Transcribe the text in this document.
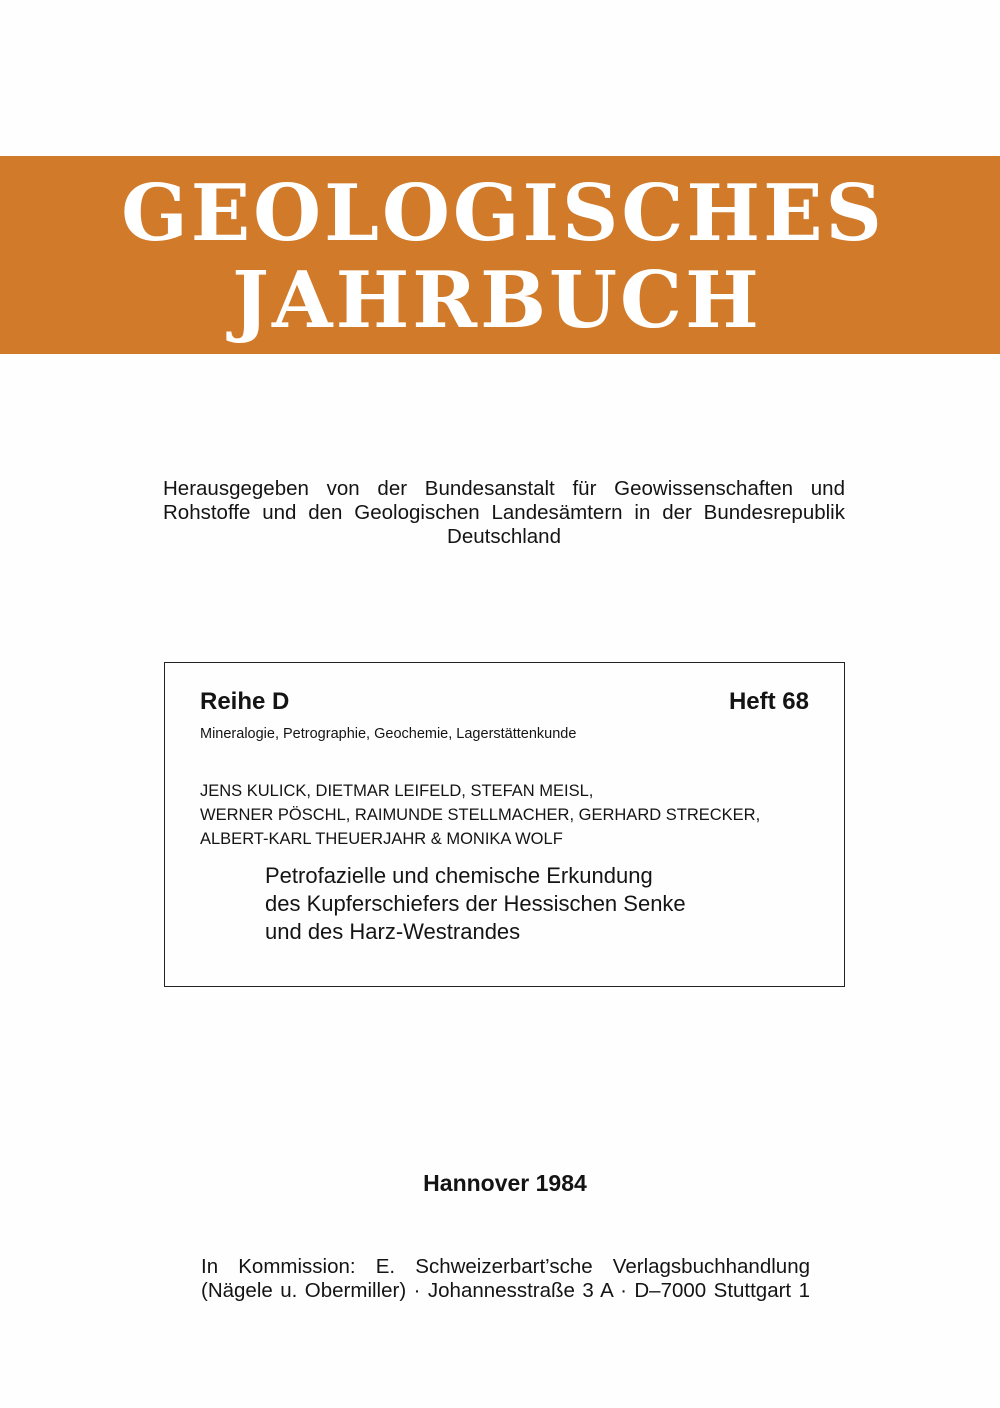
GEOLOGISCHES
JAHRBUCH
Herausgegeben von der Bundesanstalt für Geowissenschaften und Rohstoffe und den Geologischen Landesämtern in der Bundesrepublik Deutschland
Reihe D	Heft 68
Mineralogie, Petrographie, Geochemie, Lagerstättenkunde
JENS KULICK, DIETMAR LEIFELD, STEFAN MEISL,
WERNER PÖSCHL, RAIMUNDE STELLMACHER, GERHARD STRECKER,
ALBERT-KARL THEUERJAHR & MONIKA WOLF
Petrofazielle und chemische Erkundung
des Kupferschiefers der Hessischen Senke
und des Harz-Westrandes
Hannover 1984
In Kommission: E. Schweizerbart’sche Verlagsbuchhandlung
(Nägele u. Obermiller) · Johannesstraße 3 A · D–7000 Stuttgart 1
